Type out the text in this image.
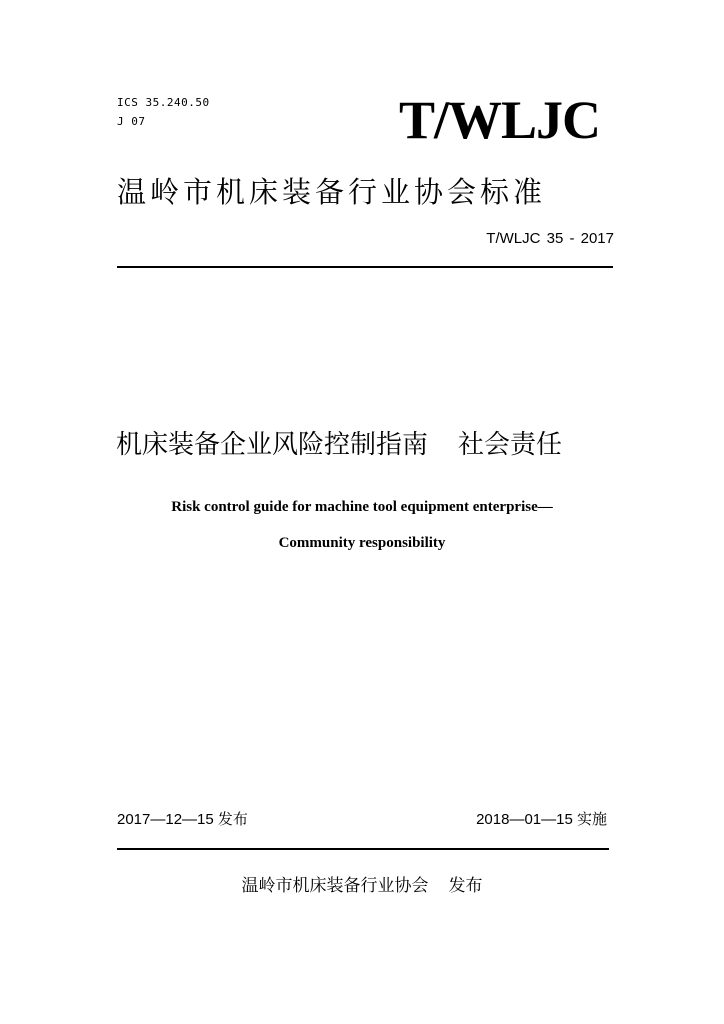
ICS 35.240.50
J 07	T/WLJC
温岭市机床装备行业协会标准
T/WLJC 35 - 2017
机床装备企业风险控制指南 社会责任
Risk control guide for machine tool equipment enterprise—
Community responsibility
2017—12—15 发布	2018—01—15 实施
温岭市机床装备行业协会 发布
